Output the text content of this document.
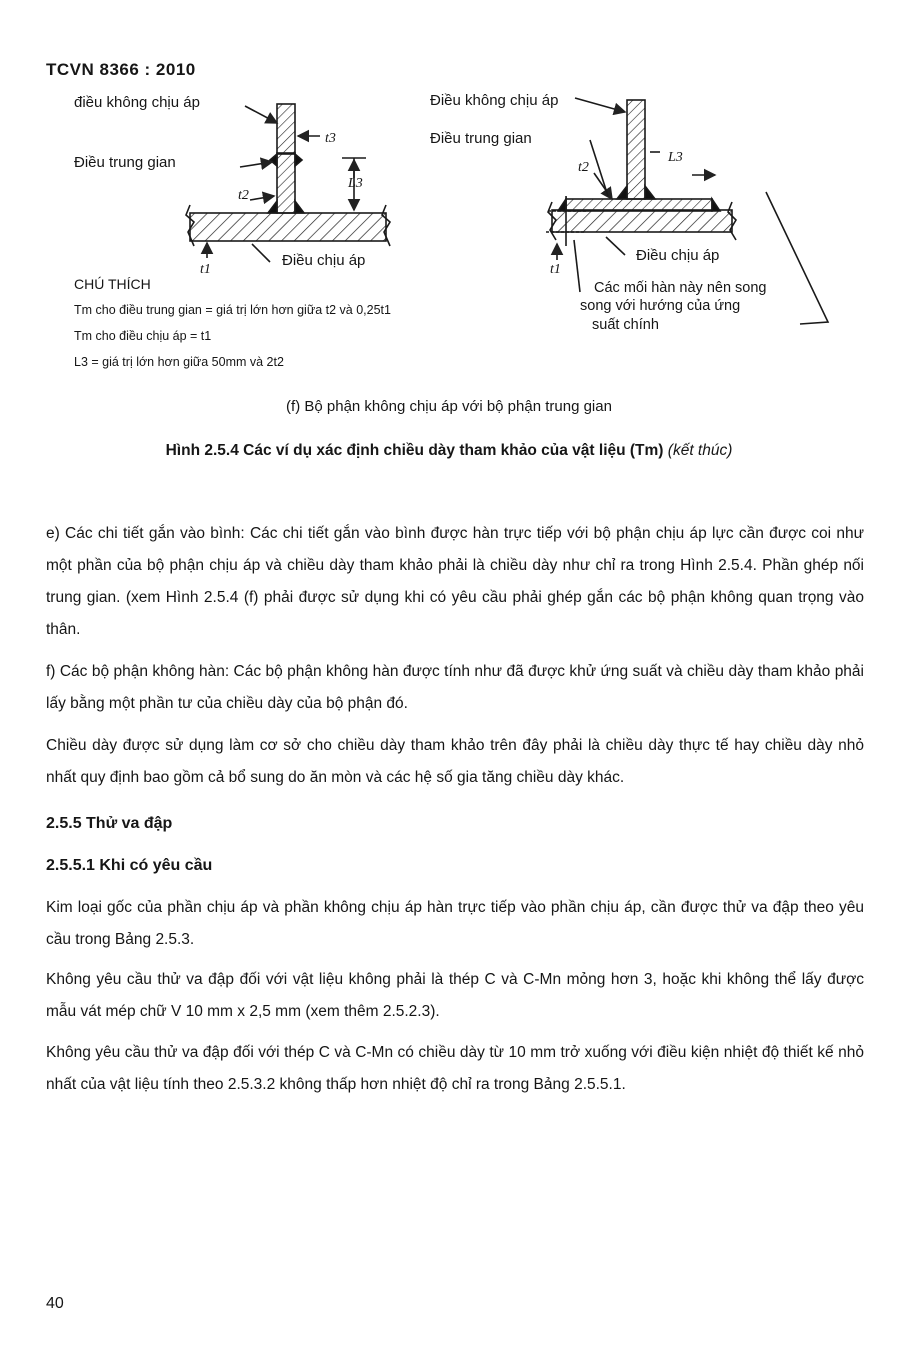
TCVN 8366 : 2010
điều không chịu áp
Điều trung gian
Điều chịu áp
t3
L3
t2
t1
Điều không chịu áp
Điều trung gian
Điều chịu áp
t2
L3
t1
Các mối hàn này nên song
song với hướng của ứng
suất chính
CHÚ THÍCH
Tm cho điều trung gian = giá trị lớn hơn giữa t2 và 0,25t1
Tm cho điều chịu áp = t1
L3 = giá trị lớn hơn giữa 50mm và 2t2
(f) Bộ phận không chịu áp với bộ phận trung gian
Hình 2.5.4 Các ví dụ xác định chiều dày tham khảo của vật liệu (Tm) (kết thúc)

e) Các chi tiết gắn vào bình: Các chi tiết gắn vào bình được hàn trực tiếp với bộ phận chịu áp lực cần được coi như một phần của bộ phận chịu áp và chiều dày tham khảo phải là chiều dày như chỉ ra trong Hình 2.5.4. Phần ghép nối trung gian. (xem Hình 2.5.4 (f) phải được sử dụng khi có yêu cầu phải ghép gắn các bộ phận không quan trọng vào thân.

f) Các bộ phận không hàn: Các bộ phận không hàn được tính như đã được khử ứng suất và chiều dày tham khảo phải lấy bằng một phần tư của chiều dày của bộ phận đó.

Chiều dày được sử dụng làm cơ sở cho chiều dày tham khảo trên đây phải là chiều dày thực tế hay chiều dày nhỏ nhất quy định bao gồm cả bổ sung do ăn mòn và các hệ số gia tăng chiều dày khác.

2.5.5 Thử va đập
2.5.5.1 Khi có yêu cầu

Kim loại gốc của phần chịu áp và phần không chịu áp hàn trực tiếp vào phần chịu áp, cần được thử va đập theo yêu cầu trong Bảng 2.5.3.

Không yêu cầu thử va đập đối với vật liệu không phải là thép C và C-Mn mỏng hơn 3, hoặc khi không thể lấy được mẫu vát mép chữ V 10 mm x 2,5 mm (xem thêm 2.5.2.3).

Không yêu cầu thử va đập đối với thép C và C-Mn có chiều dày từ 10 mm trở xuống với điều kiện nhiệt độ thiết kế nhỏ nhất của vật liệu tính theo 2.5.3.2 không thấp hơn nhiệt độ chỉ ra trong Bảng 2.5.5.1.

40
